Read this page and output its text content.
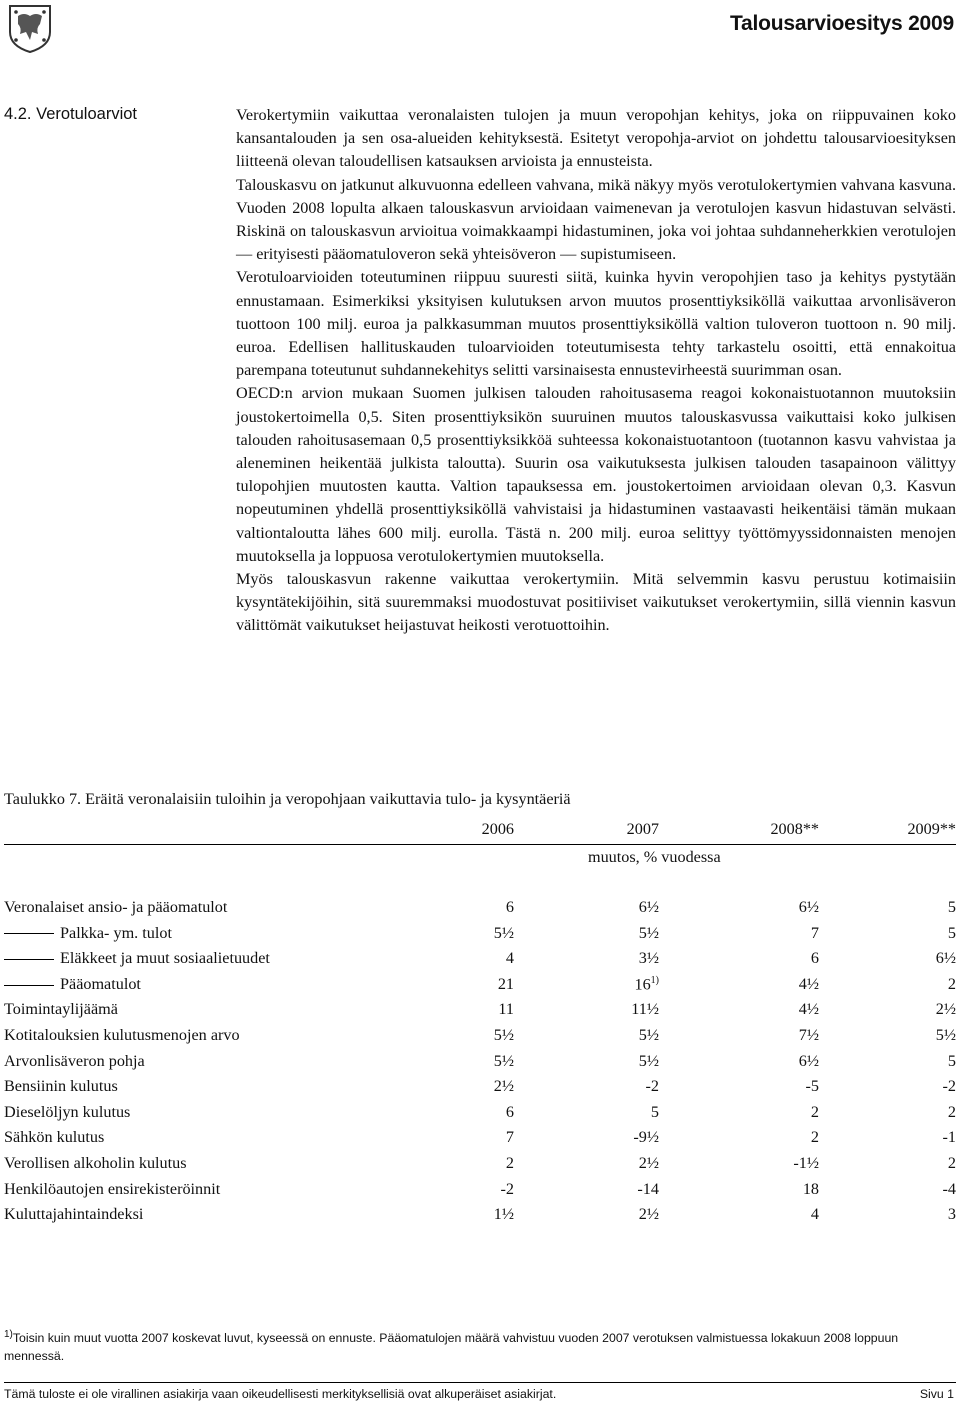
Talousarvioesitys 2009
4.2. Verotuloarviot	Verokertymiin vaikuttaa veronalaisten tulojen ja muun veropohjan kehitys, joka on riippuvainen koko kansantalouden ja sen osa-alueiden kehityksestä. Esitetyt veropohja-arviot on johdettu talousarvioesityksen liitteenä olevan taloudellisen katsauksen arvioista ja ennusteista.

Talouskasvu on jatkunut alkuvuonna edelleen vahvana, mikä näkyy myös verotulokertymien vahvana kasvuna. Vuoden 2008 lopulta alkaen talouskasvun arvioidaan vaimenevan ja verotulojen kasvun hidastuvan selvästi. Riskinä on talouskasvun arvioitua voimakkaampi hidastuminen, joka voi johtaa suhdanneherkkien verotulojen — erityisesti pääomatuloveron sekä yhteisöveron — supistumiseen.

Verotuloarvioiden toteutuminen riippuu suuresti siitä, kuinka hyvin veropohjien taso ja kehitys pystytään ennustamaan. Esimerkiksi yksityisen kulutuksen arvon muutos prosenttiyksiköllä vaikuttaa arvonlisäveron tuottoon 100 milj. euroa ja palkkasumman muutos prosenttiyksiköllä valtion tuloveron tuottoon n. 90 milj. euroa. Edellisen hallituskauden tuloarvioiden toteutumisesta tehty tarkastelu osoitti, että ennakoitua parempana toteutunut suhdannekehitys selitti varsinaisesta ennustevirheestä suurimman osan.

OECD:n arvion mukaan Suomen julkisen talouden rahoitusasema reagoi kokonaistuotannon muutoksiin joustokertoimella 0,5. Siten prosenttiyksikön suuruinen muutos talouskasvussa vaikuttaisi koko julkisen talouden rahoitusasemaan 0,5 prosenttiyksikköä suhteessa kokonaistuotantoon (tuotannon kasvu vahvistaa ja aleneminen heikentää julkista taloutta). Suurin osa vaikutuksesta julkisen talouden tasapainoon välittyy tulopohjien muutosten kautta. Valtion tapauksessa em. joustokertoimen arvioidaan olevan 0,3. Kasvun nopeutuminen yhdellä prosenttiyksiköllä vahvistaisi ja hidastuminen vastaavasti heikentäisi tämän mukaan valtiontaloutta lähes 600 milj. eurolla. Tästä n. 200 milj. euroa selittyy työttömyyssidonnaisten menojen muutoksella ja loppuosa verotulokertymien muutoksella.

Myös talouskasvun rakenne vaikuttaa verokertymiin. Mitä selvemmin kasvu perustuu kotimaisiin kysyntätekijöihin, sitä suuremmaksi muodostuvat positiiviset vaikutukset verokertymiin, sillä viennin kasvun välittömät vaikutukset heijastuvat heikosti verotuottoihin.

Taulukko 7. Eräitä veronalaisiin tuloihin ja veropohjaan vaikuttavia tulo- ja kysyntäeriä
2006	2007	2008**	2009**
muutos, % vuodessa
Veronalaiset ansio- ja pääomatulot	6	6½	6½	5
Palkka- ym. tulot	5½	5½	7	5
Eläkkeet ja muut sosiaalietuudet	4	3½	6	6½
Pääomatulot	21	16$^{1)}$	4½	2
Toimintaylijäämä	11	11½	4½	2½
Kotitalouksien kulutusmenojen arvo	5½	5½	7½	5½
Arvonlisäveron pohja	5½	5½	6½	5
Bensiinin kulutus	2½	-2	-5	-2
Dieselöljyn kulutus	6	5	2	2
Sähkön kulutus	7	-9½	2	-1
Verollisen alkoholin kulutus	2	2½	-1½	2
Henkilöautojen ensirekisteröinnit	-2	-14	18	-4
Kuluttajahintaindeksi	1½	2½	4	3
$^{1)}$Toisin kuin muut vuotta 2007 koskevat luvut, kyseessä on ennuste. Pääomatulojen määrä vahvistuu vuoden 2007 verotuksen valmistuessa lokakuun 2008 loppuun mennessä.
Tämä tuloste ei ole virallinen asiakirja vaan oikeudellisesti merkityksellisiä ovat alkuperäiset asiakirjat.	Sivu 1
